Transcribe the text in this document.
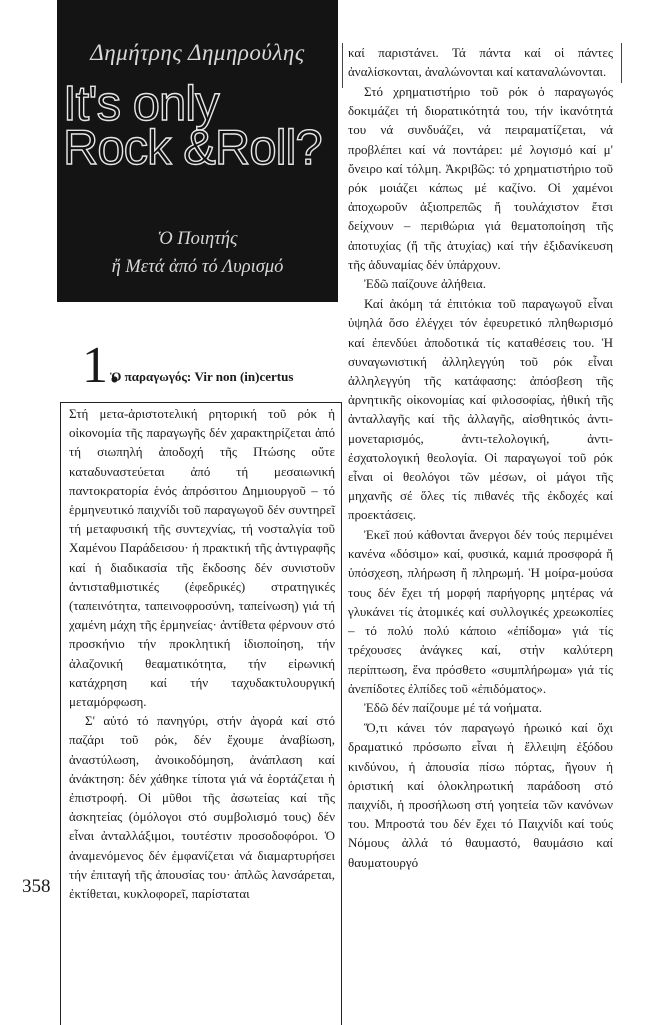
Δημήτρης Δημηρούλης
It's only
Rock &Roll?
Ὁ Ποιητής
ἤ Μετά ἀπό τό Λυρισμό
1.
Ὁ παραγωγός: Vir non (in)certus

Στή μετα-ἀριστοτελική ρητορική τοῦ ρόκ ἡ οἰκονομία τῆς παραγωγῆς δέν χαρακτηρίζεται ἀπό τή σιωπηλή ἀποδοχή τῆς Πτώσης οὔτε καταδυναστεύεται ἀπό τή μεσαιωνική παντοκρατορία ἑνός ἀπρόσιτου Δημιουργοῦ – τό ἑρμηνευτικό παιχνίδι τοῦ παραγωγοῦ δέν συντηρεῖ τή μεταφυσική τῆς συντεχνίας, τή νοσταλγία τοῦ Χαμένου Παράδεισου· ἡ πρακτική τῆς ἀντιγραφῆς καί ἡ διαδικασία τῆς ἔκδοσης δέν συνιστοῦν ἀντισταθμιστικές (ἐφεδρικές) στρατηγικές (ταπεινότητα, ταπεινοφροσύνη, ταπείνωση) γιά τή χαμένη μάχη τῆς ἑρμηνείας· ἀντίθετα φέρνουν στό προσκήνιο τήν προκλητική ἰδιοποίηση, τήν ἀλαζονική θεαματικότητα, τήν εἰρωνική κατάχρηση καί τήν ταχυδακτυλουργική μεταμόρφωση.

Σ' αὐτό τό πανηγύρι, στήν ἀγορά καί στό παζάρι τοῦ ρόκ, δέν ἔχουμε ἀναβίωση, ἀναστύλωση, ἀνοικοδόμηση, ἀνάπλαση καί ἀνάκτηση: δέν χάθηκε τίποτα γιά νά ἑορτάζεται ἡ ἐπιστροφή. Οἱ μῦθοι τῆς ἀσωτείας καί τῆς ἀσκητείας (ὁμόλογοι στό συμβολισμό τους) δέν εἶναι ἀνταλλάξιμοι, τουτέστιν προσοδοφόροι. Ὁ ἀναμενόμενος δέν ἐμφανίζεται νά διαμαρτυρήσει τήν ἐπιταγή τῆς ἀπουσίας του· ἁπλῶς λανσάρεται, ἐκτίθεται, κυκλοφορεῖ, παρίσταται

καί παριστάνει. Τά πάντα καί οἱ πάντες ἀναλίσκονται, ἀναλώνονται καί καταναλώνονται.

Στό χρηματιστήριο τοῦ ρόκ ὁ παραγωγός δοκιμάζει τή διορατικότητά του, τήν ἱκανότητά του νά συνδυάζει, νά πειραματίζεται, νά προβλέπει καί νά ποντάρει: μέ λογισμό καί μ' ὄνειρο καί τόλμη. Ἀκριβῶς: τό χρηματιστήριο τοῦ ρόκ μοιάζει κάπως μέ καζίνο. Οἱ χαμένοι ἀποχωροῦν ἀξιοπρεπῶς ἤ τουλάχιστον ἔτσι δείχνουν – περιθώρια γιά θεματοποίηση τῆς ἀποτυχίας (ἤ τῆς ἀτυχίας) καί τήν ἐξιδανίκευση τῆς ἀδυναμίας δέν ὑπάρχουν.

Ἐδῶ παίζουνε ἀλήθεια.

Καί ἀκόμη τά ἐπιτόκια τοῦ παραγωγοῦ εἶναι ὑψηλά ὅσο ἐλέγχει τόν ἐφευρετικό πληθωρισμό καί ἐπενδύει ἀποδοτικά τίς καταθέσεις του. Ἡ συναγωνιστική ἀλληλεγγύη τοῦ ρόκ εἶναι ἀλληλεγγύη τῆς κατάφασης: ἀπόσβεση τῆς ἀρνητικῆς οἰκονομίας καί φιλοσοφίας, ἠθική τῆς ἀνταλλαγῆς καί τῆς ἀλλαγῆς, αἰσθητικός ἀντι-μονεταρισμός, ἀντι-τελολογική, ἀντι-ἐσχατολογική θεολογία. Οἱ παραγωγοί τοῦ ρόκ εἶναι οἱ θεολόγοι τῶν μέσων, οἱ μάγοι τῆς μηχανῆς σέ ὅλες τίς πιθανές τῆς ἐκδοχές καί προεκτάσεις.

Ἐκεῖ πού κάθονται ἄνεργοι δέν τούς περιμένει κανένα «δόσιμο» καί, φυσικά, καμιά προσφορά ἤ ὑπόσχεση, πλήρωση ἤ πληρωμή. Ἡ μοίρα-μούσα τους δέν ἔχει τή μορφή παρήγορης μητέρας νά γλυκάνει τίς ἀτομικές καί συλλογικές χρεωκοπίες – τό πολύ πολύ κάποιο «ἐπίδομα» γιά τίς τρέχουσες ἀνάγκες καί, στήν καλύτερη περίπτωση, ἕνα πρόσθετο «συμπλήρωμα» γιά τίς ἀνεπίδοτες ἐλπίδες τοῦ «ἐπιδόματος».

Ἐδῶ δέν παίζουμε μέ τά νοήματα.

Ὅ,τι κάνει τόν παραγωγό ἡρωικό καί ὄχι δραματικό πρόσωπο εἶναι ἡ ἔλλειψη ἐξόδου κινδύνου, ἡ ἀπουσία πίσω πόρτας, ἤγουν ἡ ὁριστική καί ὁλοκληρωτική παράδοση στό παιχνίδι, ἡ προσήλωση στή γοητεία τῶν κανόνων του. Μπροστά του δέν ἔχει τό Παιχνίδι καί τούς Νόμους ἀλλά τό θαυμαστό, θαυμάσιο καί θαυματουργό

358
